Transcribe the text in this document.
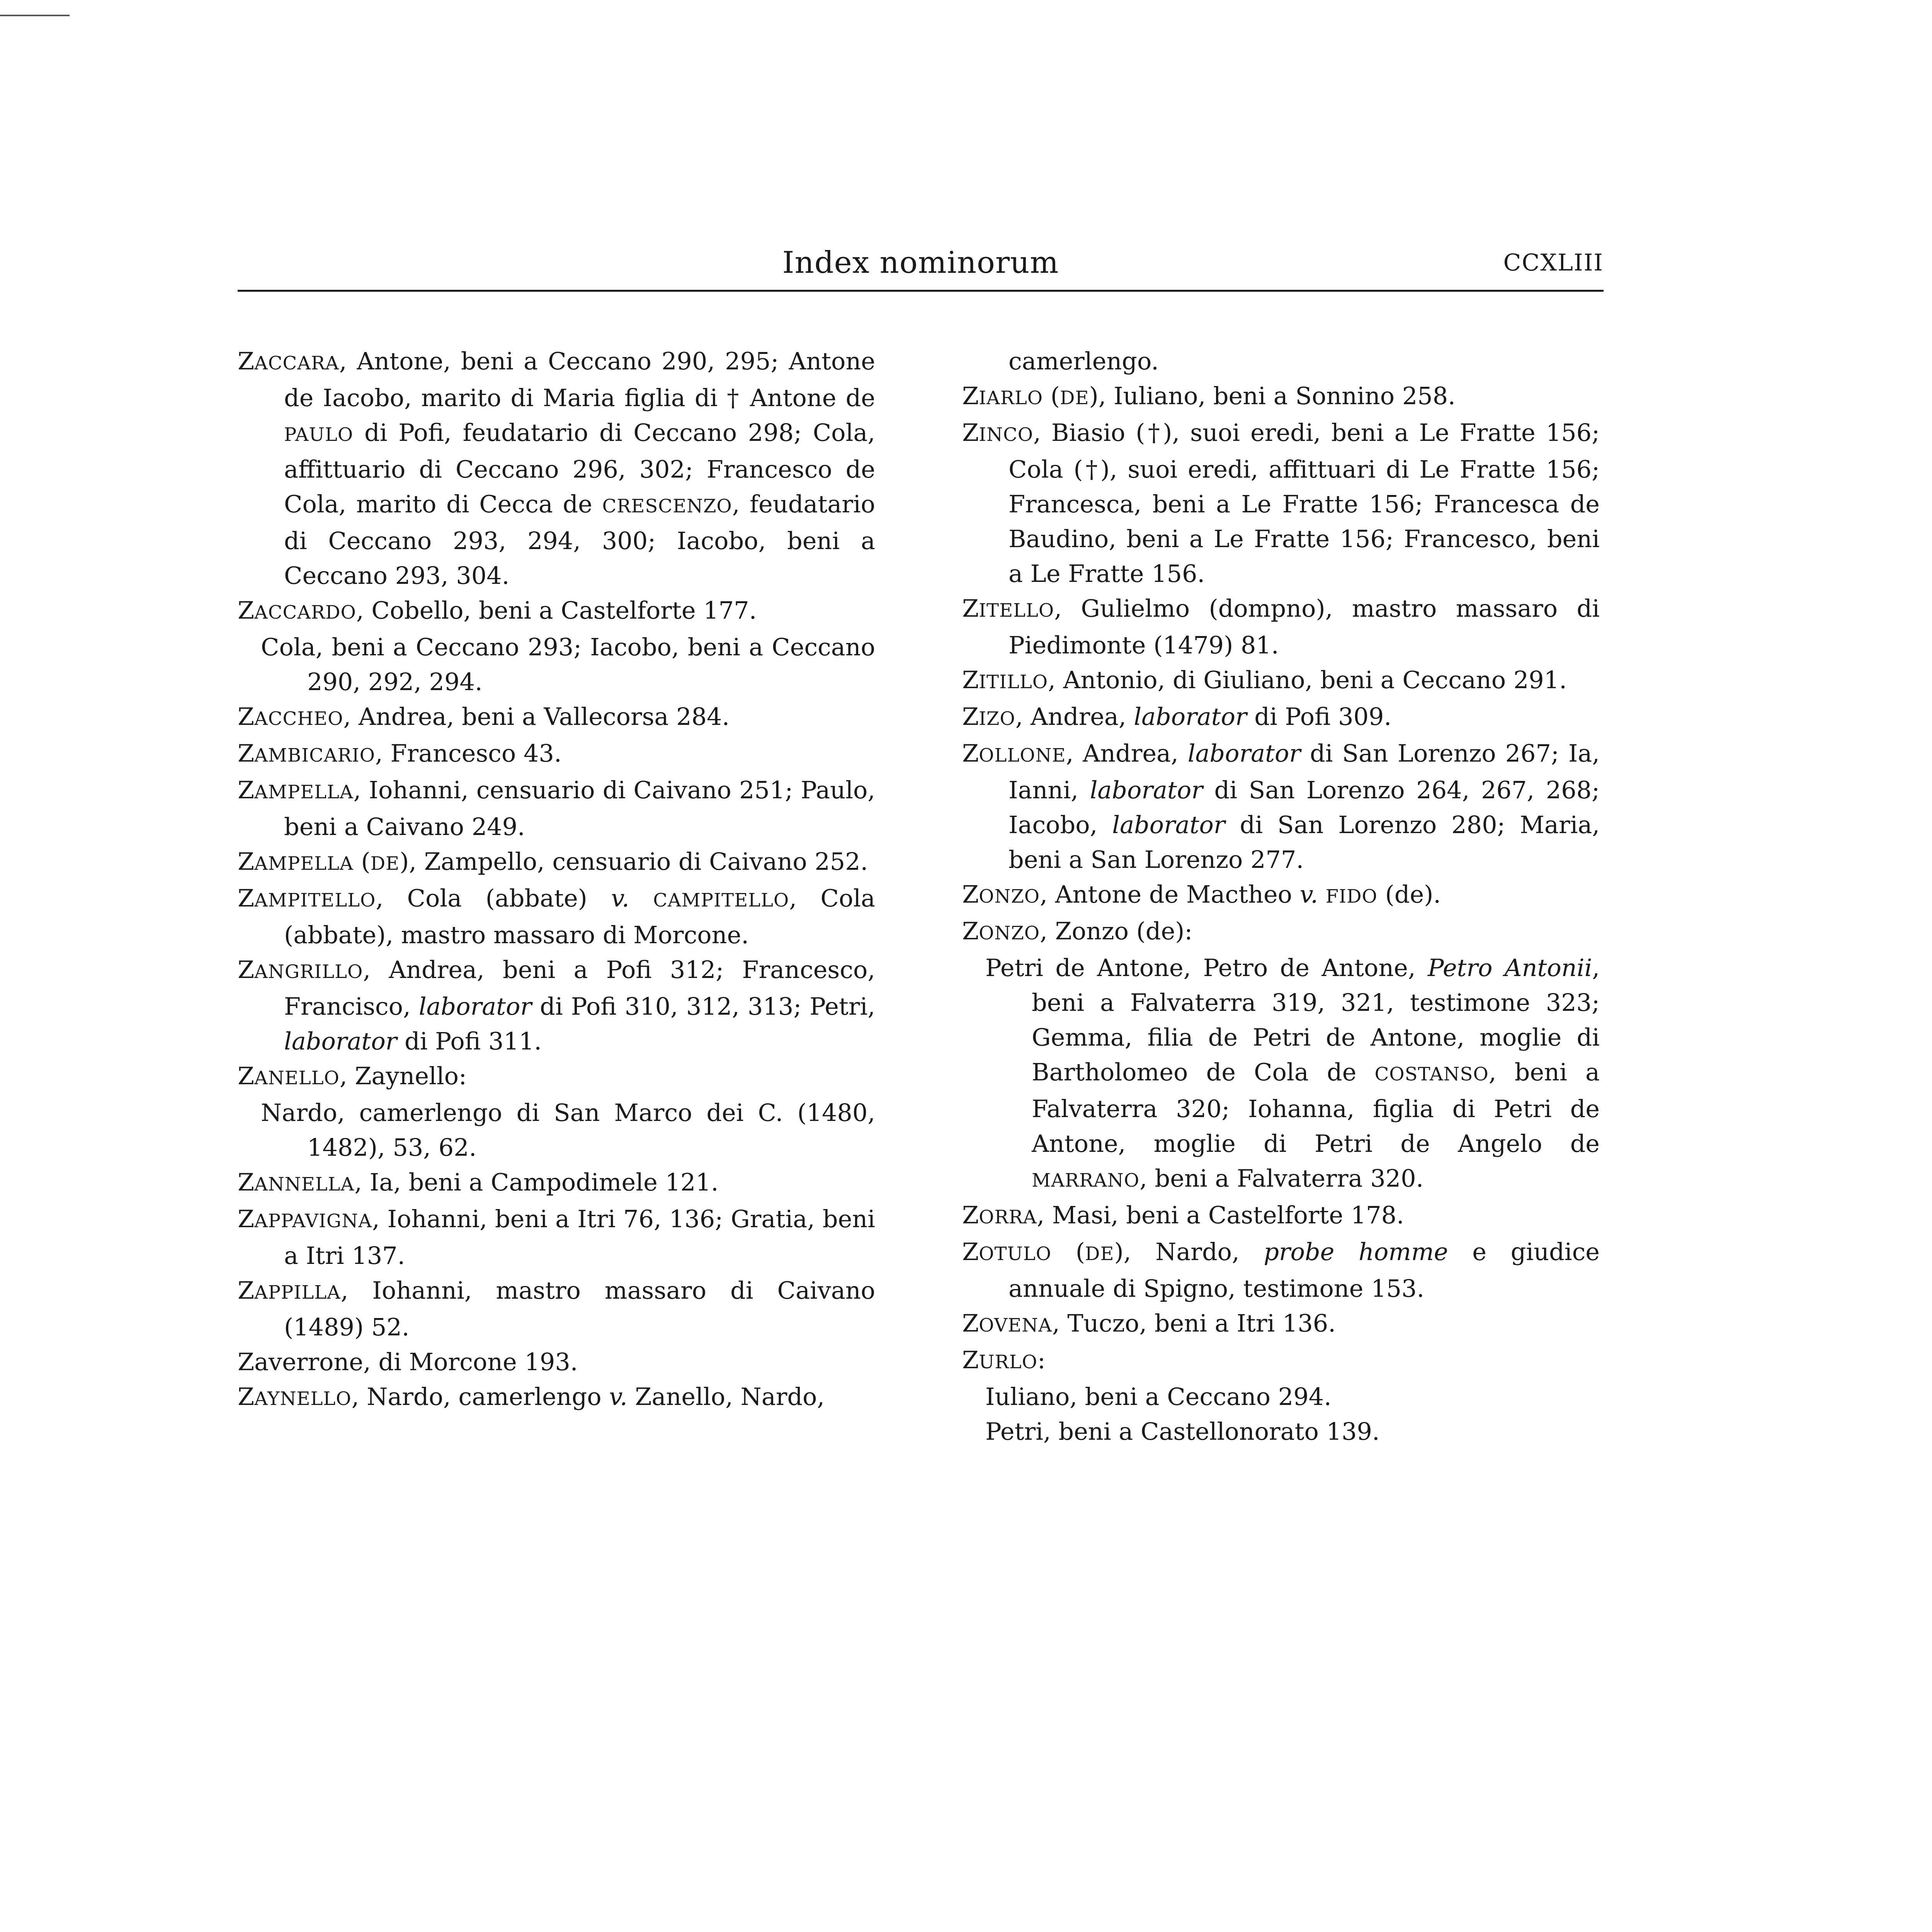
Index nominorum	CCXLIII
ZACCARA, Antone, beni a Ceccano 290, 295; Antone de Iacobo, marito di Maria figlia di † Antone de PAULO di Pofi, feudatario di Ceccano 298; Cola, affittuario di Ceccano 296, 302; Francesco de Cola, marito di Cecca de CRESCENZO, feudatario di Ceccano 293, 294, 300; Iacobo, beni a Ceccano 293, 304.
ZACCARDO, Cobello, beni a Castelforte 177.
Cola, beni a Ceccano 293; Iacobo, beni a Ceccano 290, 292, 294.
ZACCHEO, Andrea, beni a Vallecorsa 284.
ZAMBICARIO, Francesco 43.
ZAMPELLA, Iohanni, censuario di Caivano 251; Paulo, beni a Caivano 249.
ZAMPELLA (DE), Zampello, censuario di Caivano 252.
ZAMPITELLO, Cola (abbate) v. CAMPITELLO, Cola (abbate), mastro massaro di Morcone.
ZANGRILLO, Andrea, beni a Pofi 312; Francesco, Francisco, laborator di Pofi 310, 312, 313; Petri, laborator di Pofi 311.
ZANELLO, Zaynello:
Nardo, camerlengo di San Marco dei C. (1480, 1482), 53, 62.
ZANNELLA, Ia, beni a Campodimele 121.
ZAPPAVIGNA, Iohanni, beni a Itri 76, 136; Gratia, beni a Itri 137.
ZAPPILLA, Iohanni, mastro massaro di Caivano (1489) 52.
Zaverrone, di Morcone 193.
ZAYNELLO, Nardo, camerlengo v. Zanello, Nardo,
camerlengo.
ZIARLO (DE), Iuliano, beni a Sonnino 258.
ZINCO, Biasio (†), suoi eredi, beni a Le Fratte 156; Cola (†), suoi eredi, affittuari di Le Fratte 156; Francesca, beni a Le Fratte 156; Francesca de Baudino, beni a Le Fratte 156; Francesco, beni a Le Fratte 156.
ZITELLO, Gulielmo (dompno), mastro massaro di Piedimonte (1479) 81.
ZITILLO, Antonio, di Giuliano, beni a Ceccano 291.
ZIZO, Andrea, laborator di Pofi 309.
ZOLLONE, Andrea, laborator di San Lorenzo 267; Ia, Ianni, laborator di San Lorenzo 264, 267, 268; Iacobo, laborator di San Lorenzo 280; Maria, beni a San Lorenzo 277.
ZONZO, Antone de Mactheo v. FIDO (de).
ZONZO, Zonzo (de):
Petri de Antone, Petro de Antone, Petro Antonii, beni a Falvaterra 319, 321, testimone 323; Gemma, filia de Petri de Antone, moglie di Bartholomeo de Cola de COSTANSO, beni a Falvaterra 320; Iohanna, figlia di Petri de Antone, moglie di Petri de Angelo de MARRANO, beni a Falvaterra 320.
ZORRA, Masi, beni a Castelforte 178.
ZOTULO (DE), Nardo, probe homme e giudice annuale di Spigno, testimone 153.
ZOVENA, Tuczo, beni a Itri 136.
ZURLO:
Iuliano, beni a Ceccano 294.
Petri, beni a Castellonorato 139.
